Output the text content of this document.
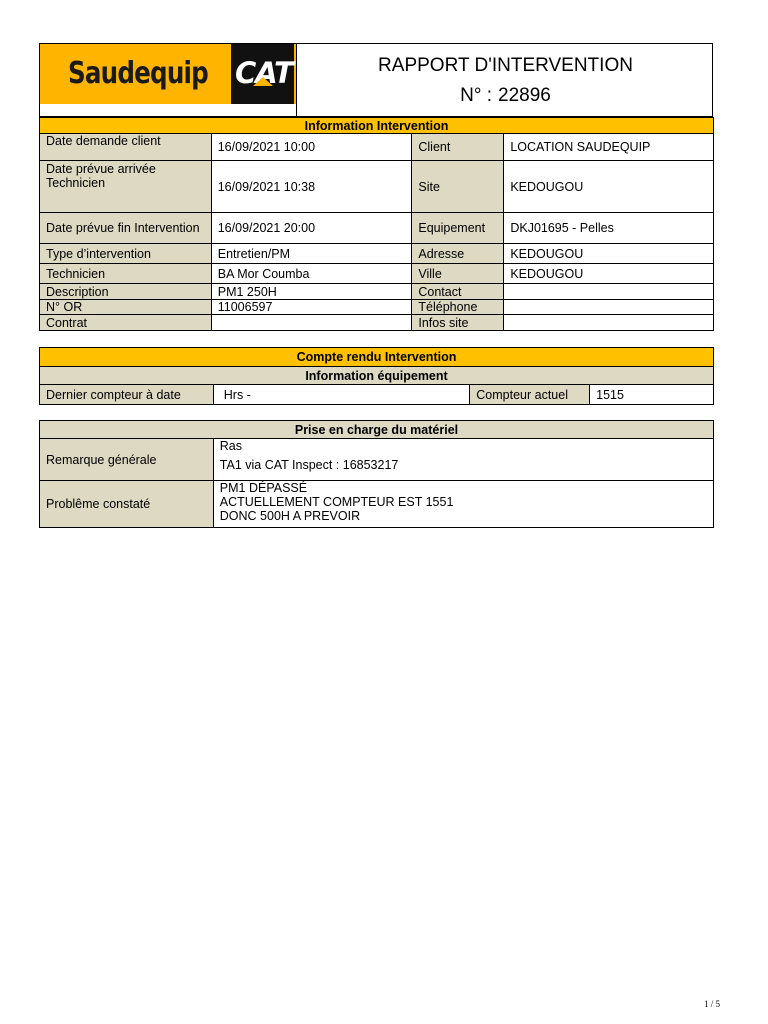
Saudequip CAT	RAPPORT D'INTERVENTION
N° : 22896
Information Intervention			
Date demande client	16/09/2021 10:00	Client	LOCATION SAUDEQUIP
Date prévue arrivée Technicien	16/09/2021 10:38	Site	KEDOUGOU
Date prévue fin Intervention	16/09/2021 20:00	Equipement	DKJ01695 - Pelles
Type d’intervention	Entretien/PM	Adresse	KEDOUGOU
Technicien	BA Mor Coumba	Ville	KEDOUGOU
Description	PM1 250H	Contact	
N° OR	11006597	Téléphone	
Contrat		Infos site	
Compte rendu Intervention
Information équipement
Dernier compteur à date	Hrs -	Compteur actuel	1515
Prise en charge du matériel	
Remarque générale	Ras
TA1 via CAT Inspect : 16853217

Problême constaté	PM1 DÉPASSÉ
ACTUELLEMENT COMPTEUR EST 1551
DONC 500H A PREVOIR
1 / 5
